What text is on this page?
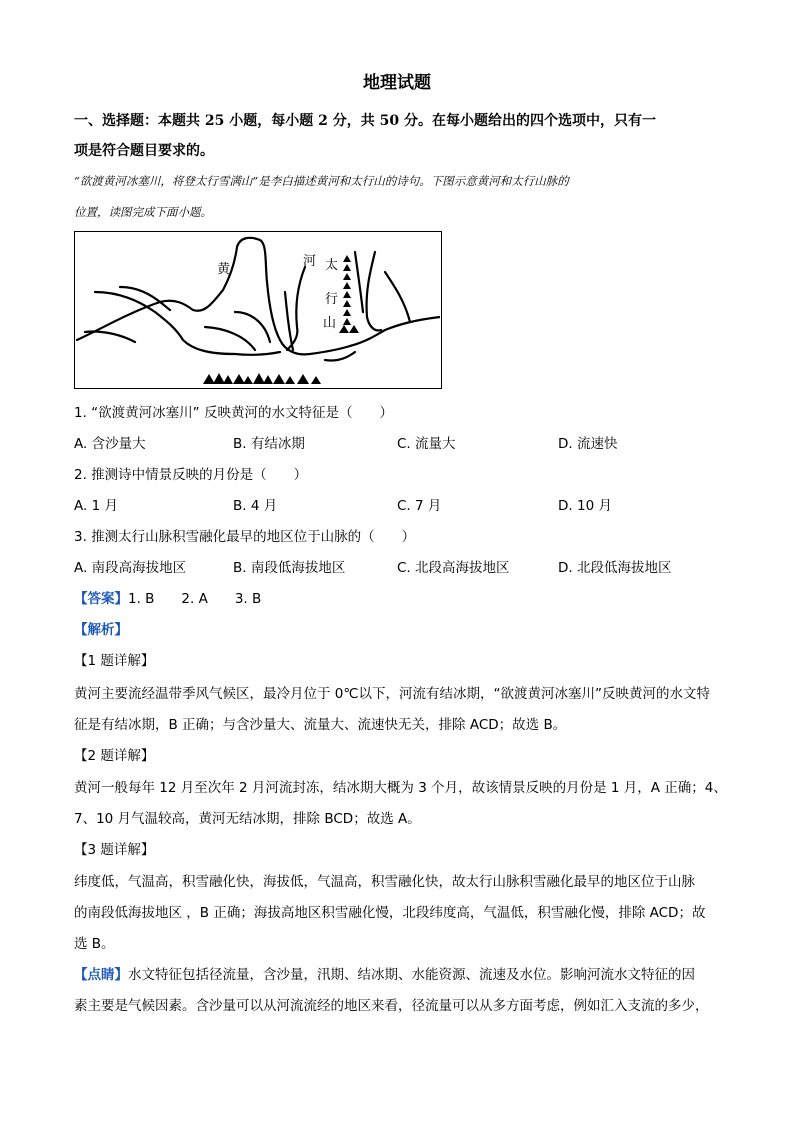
地理试题
一、选择题：本题共 25 小题，每小题 2 分，共 50 分。在每小题给出的四个选项中，只有一
项是符合题目要求的。
“欲渡黄河冰塞川，将登太行雪满山”是李白描述黄河和太行山的诗句。下图示意黄河和太行山脉的
位置，读图完成下面小题。
黄
河 太
行
山
1. “欲渡黄河冰塞川” 反映黄河的水文特征是（　　）
A. 含沙量大	B. 有结冰期	C. 流量大	D. 流速快
2. 推测诗中情景反映的月份是（　　）
A. 1 月	B. 4 月	C. 7 月	D. 10 月
3. 推测太行山脉积雪融化最早的地区位于山脉的（　　）
A. 南段高海拔地区	B. 南段低海拔地区	C. 北段高海拔地区	D. 北段低海拔地区
【答案】1. B　　2. A　　3. B
【解析】
【1 题详解】
黄河主要流经温带季风气候区，最冷月位于 0℃以下，河流有结冰期，“欲渡黄河冰塞川”反映黄河的水文特
征是有结冰期，B 正确；与含沙量大、流量大、流速快无关，排除 ACD；故选 B。
【2 题详解】
黄河一般每年 12 月至次年 2 月河流封冻，结冰期大概为 3 个月，故该情景反映的月份是 1 月，A 正确；4、
7、10 月气温较高，黄河无结冰期，排除 BCD；故选 A。
【3 题详解】
纬度低，气温高，积雪融化快，海拔低，气温高，积雪融化快，故太行山脉积雪融化最早的地区位于山脉
的南段低海拔地区 ，B 正确；海拔高地区积雪融化慢，北段纬度高，气温低，积雪融化慢，排除 ACD；故
选 B。
【点睛】水文特征包括径流量，含沙量，汛期、结冰期、水能资源、流速及水位。影响河流水文特征的因
素主要是气候因素。含沙量可以从河流流经的地区来看，径流量可以从多方面考虑，例如汇入支流的多少，
